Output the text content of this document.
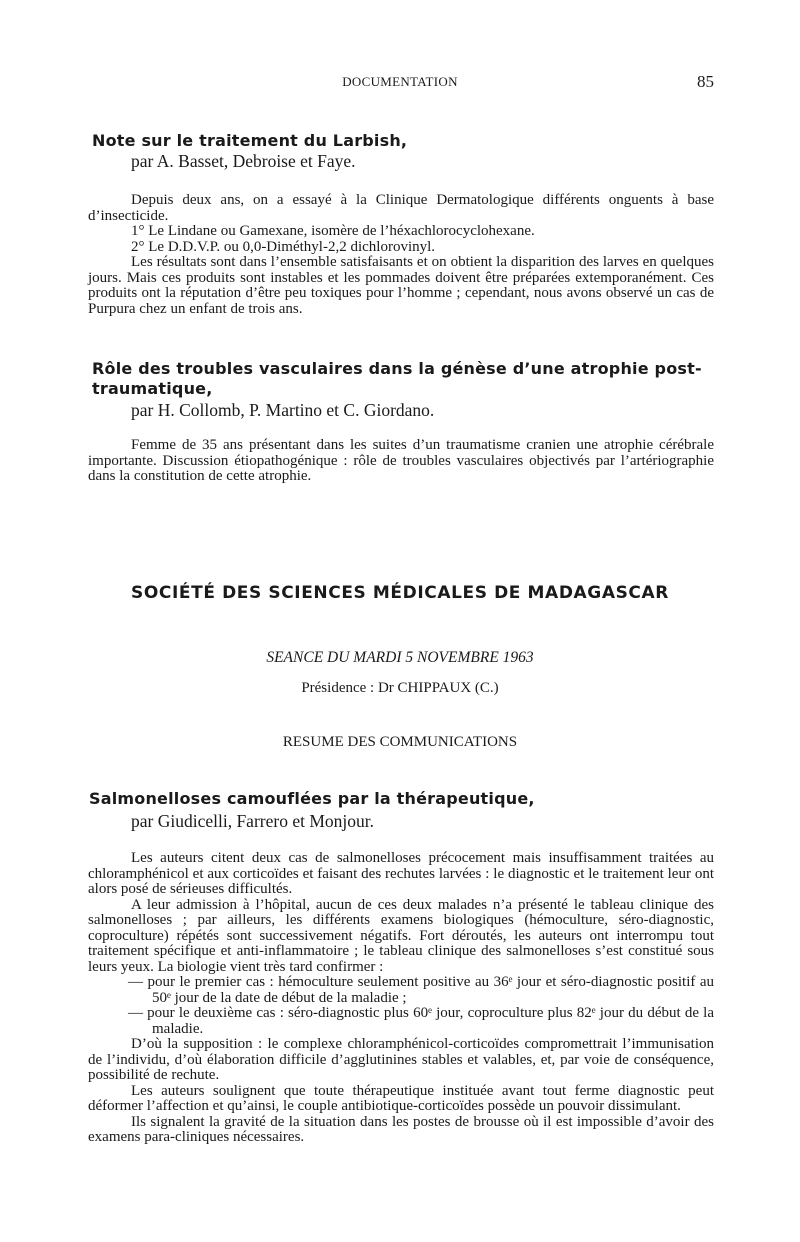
DOCUMENTATION	85
Note sur le traitement du Larbish,
par A. Basset, Debroise et Faye.

Depuis deux ans, on a essayé à la Clinique Dermatologique différents onguents à base d’insecticide.

1° Le Lindane ou Gamexane, isomère de l’héxachlorocyclohexane.

2° Le D.D.V.P. ou 0,0-Diméthyl-2,2 dichlorovinyl.

Les résultats sont dans l’ensemble satisfaisants et on obtient la disparition des larves en quelques jours. Mais ces produits sont instables et les pommades doivent être préparées extemporanément. Ces produits ont la réputation d’être peu toxiques pour l’homme ; cependant, nous avons observé un cas de Purpura chez un enfant de trois ans.

Rôle des troubles vasculaires dans la génèse d’une atrophie post-traumatique,
par H. Collomb, P. Martino et C. Giordano.

Femme de 35 ans présentant dans les suites d’un traumatisme cranien une atrophie cérébrale importante. Discussion étiopathogénique : rôle de troubles vasculaires objectivés par l’artériographie dans la constitution de cette atrophie.

SOCIÉTÉ DES SCIENCES MÉDICALES DE MADAGASCAR
SEANCE DU MARDI 5 NOVEMBRE 1963
Présidence : Dr CHIPPAUX (C.)
RESUME DES COMMUNICATIONS
Salmonelloses camouflées par la thérapeutique,
par Giudicelli, Farrero et Monjour.

Les auteurs citent deux cas de salmonelloses précocement mais insuffisamment traitées au chloramphénicol et aux corticoïdes et faisant des rechutes larvées : le diagnostic et le traitement leur ont alors posé de sérieuses difficultés.

A leur admission à l’hôpital, aucun de ces deux malades n’a présenté le tableau clinique des salmonelloses ; par ailleurs, les différents examens biologiques (hémoculture, séro-diagnostic, coproculture) répétés sont successivement négatifs. Fort déroutés, les auteurs ont interrompu tout traitement spécifique et anti-inflammatoire ; le tableau clinique des salmonelloses s’est constitué sous leurs yeux. La biologie vient très tard confirmer :

— pour le premier cas : hémoculture seulement positive au 36ᵉ jour et séro-diagnostic positif au 50ᵉ jour de la date de début de la maladie ;

— pour le deuxième cas : séro-diagnostic plus 60ᵉ jour, coproculture plus 82ᵉ jour du début de la maladie.

D’où la supposition : le complexe chloramphénicol-corticoïdes compromettrait l’immunisation de l’individu, d’où élaboration difficile d’agglutinines stables et valables, et, par voie de conséquence, possibilité de rechute.

Les auteurs soulignent que toute thérapeutique instituée avant tout ferme diagnostic peut déformer l’affection et qu’ainsi, le couple antibiotique-corticoïdes possède un pouvoir dissimulant.

Ils signalent la gravité de la situation dans les postes de brousse où il est impossible d’avoir des examens para-cliniques nécessaires.
